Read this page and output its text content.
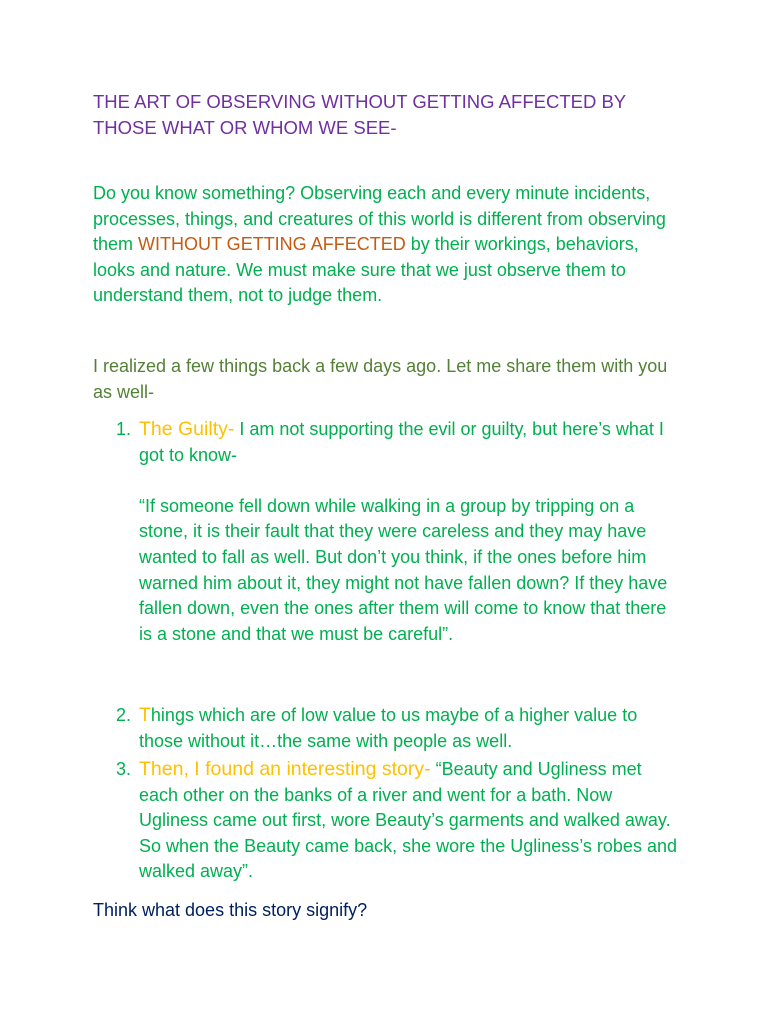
THE ART OF OBSERVING WITHOUT GETTING AFFECTED BY THOSE WHAT OR WHOM WE SEE-

Do you know something? Observing each and every minute incidents, processes, things, and creatures of this world is different from observing them WITHOUT GETTING AFFECTED by their workings, behaviors, looks and nature. We must make sure that we just observe them to understand them, not to judge them.

I realized a few things back a few days ago. Let me share them with you as well-

1. The Guilty- I am not supporting the evil or guilty, but here’s what I got to know-
“If someone fell down while walking in a group by tripping on a stone, it is their fault that they were careless and they may have wanted to fall as well. But don’t you think, if the ones before him warned him about it, they might not have fallen down? If they have fallen down, even the ones after them will come to know that there is a stone and that we must be careful”.
2. Things which are of low value to us maybe of a higher value to those without it…the same with people as well.
3. Then, I found an interesting story- “Beauty and Ugliness met each other on the banks of a river and went for a bath. Now Ugliness came out first, wore Beauty’s garments and walked away. So when the Beauty came back, she wore the Ugliness’s robes and walked away”.

Think what does this story signify?
